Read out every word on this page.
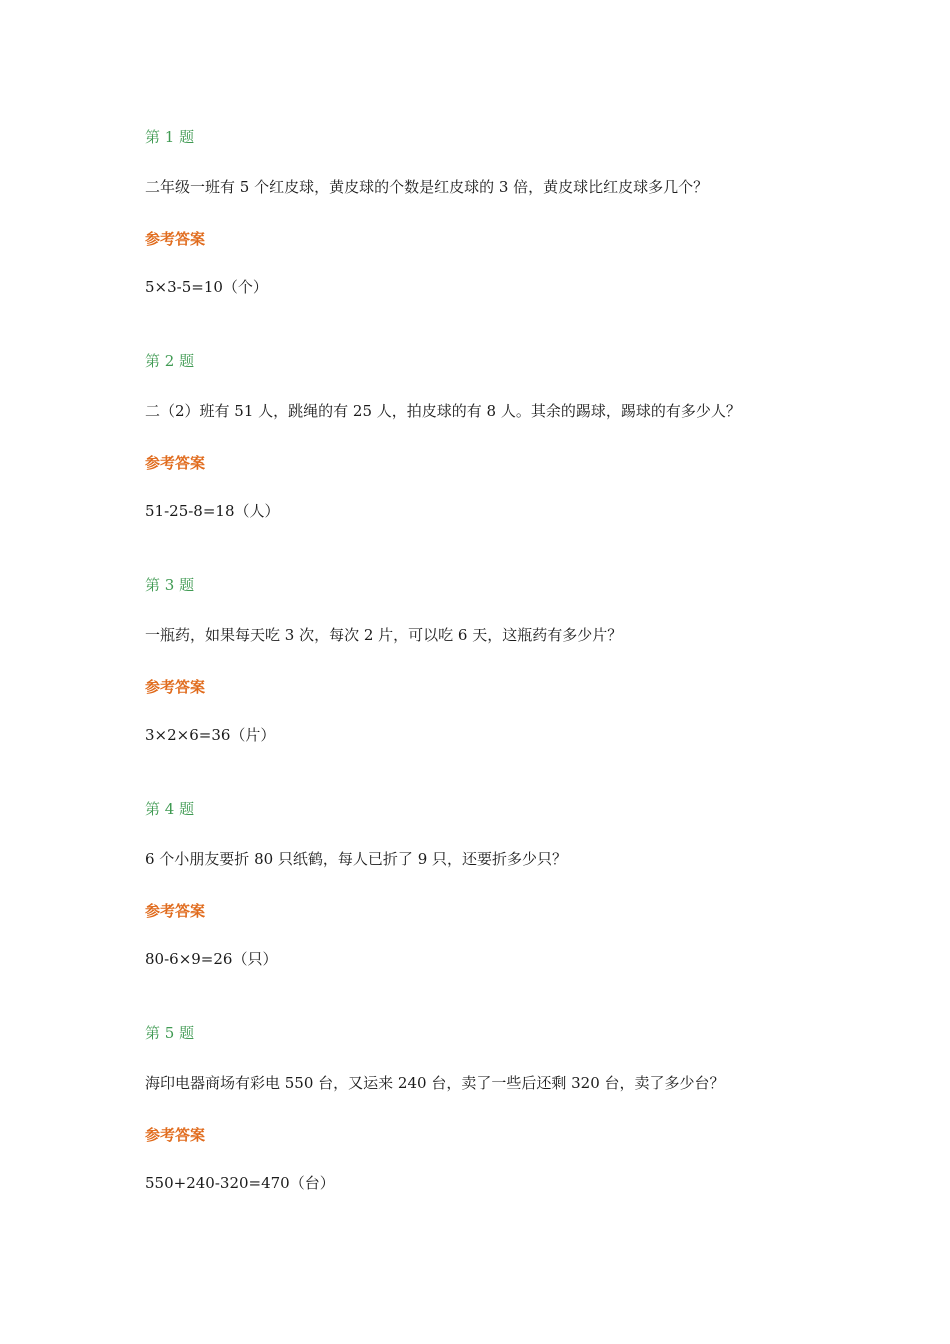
第 1 题
二年级一班有 5 个红皮球，黄皮球的个数是红皮球的 3 倍，黄皮球比红皮球多几个？
参考答案
5×3-5=10（个）
第 2 题
二（2）班有 51 人，跳绳的有 25 人，拍皮球的有 8 人。其余的踢球，踢球的有多少人？
参考答案
51-25-8=18（人）
第 3 题
一瓶药，如果每天吃 3 次，每次 2 片，可以吃 6 天，这瓶药有多少片？
参考答案
3×2×6=36（片）
第 4 题
6 个小朋友要折 80 只纸鹤，每人已折了 9 只，还要折多少只？
参考答案
80-6×9=26（只）
第 5 题
海印电器商场有彩电 550 台，又运来 240 台，卖了一些后还剩 320 台，卖了多少台？
参考答案
550+240-320=470（台）
